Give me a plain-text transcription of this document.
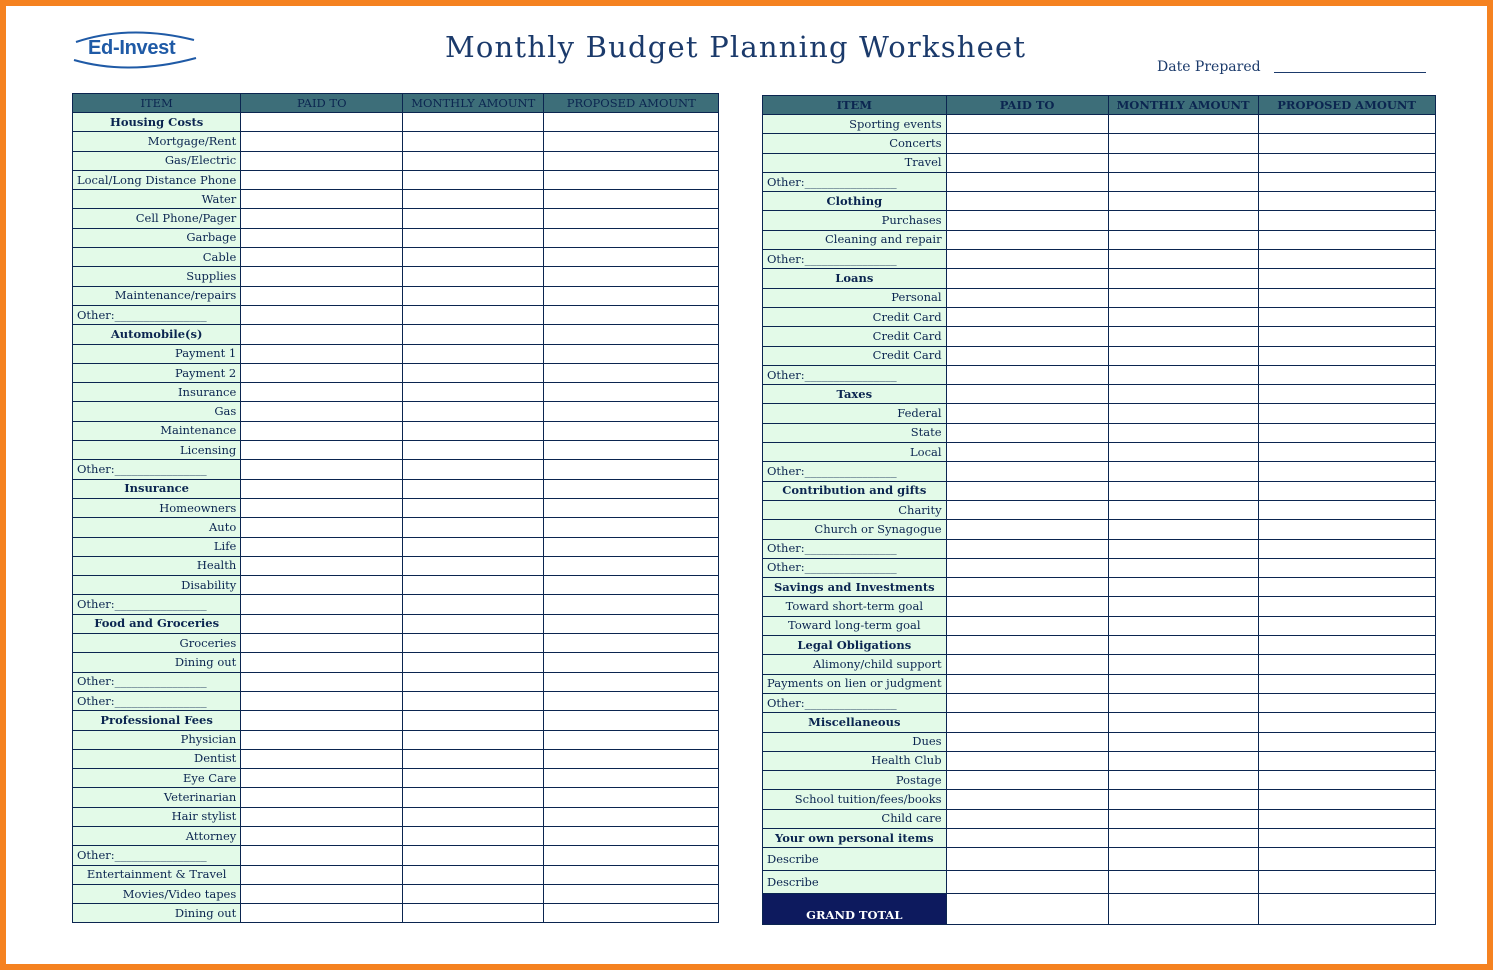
Ed-Invest	Monthly Budget Planning Worksheet
Date Prepared
ITEM	PAID TO	MONTHLY AMOUNT	PROPOSED AMOUNT
Housing Costs			
Mortgage/Rent			
Gas/Electric			
Local/Long Distance Phone			
Water			
Cell Phone/Pager			
Garbage			
Cable			
Supplies			
Maintenance/repairs			
Other:________________			
Automobile(s)			
Payment 1			
Payment 2			
Insurance			
Gas			
Maintenance			
Licensing			
Other:________________			
Insurance			
Homeowners			
Auto			
Life			
Health			
Disability			
Other:________________			
Food and Groceries			
Groceries			
Dining out			
Other:________________			
Other:________________			
Professional Fees			
Physician			
Dentist			
Eye Care			
Veterinarian			
Hair stylist			
Attorney			
Other:________________			
Entertainment & Travel			
Movies/Video tapes			
Dining out			
ITEM	PAID TO	MONTHLY AMOUNT	PROPOSED AMOUNT
Sporting events			
Concerts			
Travel			
Other:________________			
Clothing			
Purchases			
Cleaning and repair			
Other:________________			
Loans			
Personal			
Credit Card			
Credit Card			
Credit Card			
Other:________________			
Taxes			
Federal			
State			
Local			
Other:________________			
Contribution and gifts			
Charity			
Church or Synagogue			
Other:________________			
Other:________________			
Savings and Investments			
Toward short-term goal			
Toward long-term goal			
Legal Obligations			
Alimony/child support			
Payments on lien or judgment			
Other:________________			
Miscellaneous			
Dues			
Health Club			
Postage			
School tuition/fees/books			
Child care			
Your own personal items			
Describe			
Describe			
GRAND TOTAL			
